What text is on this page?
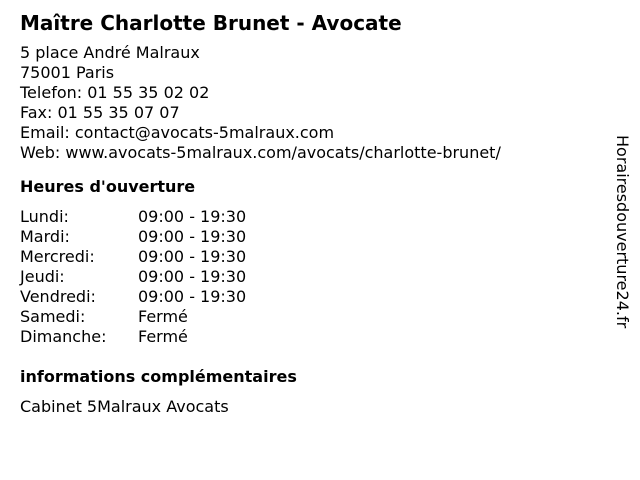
Maître Charlotte Brunet - Avocate
5 place André Malraux
75001 Paris
Telefon: 01 55 35 02 02
Fax: 01 55 35 07 07
Email: contact@avocats-5malraux.com
Web: www.avocats-5malraux.com/avocats/charlotte-brunet/
Heures d'ouverture
Lundi:	09:00 - 19:30
Mardi:	09:00 - 19:30
Mercredi:	09:00 - 19:30
Jeudi:	09:00 - 19:30
Vendredi:	09:00 - 19:30
Samedi:	Fermé
Dimanche:	Fermé
informations complémentaires
Cabinet 5Malraux Avocats
Horairesdouverture24.fr
